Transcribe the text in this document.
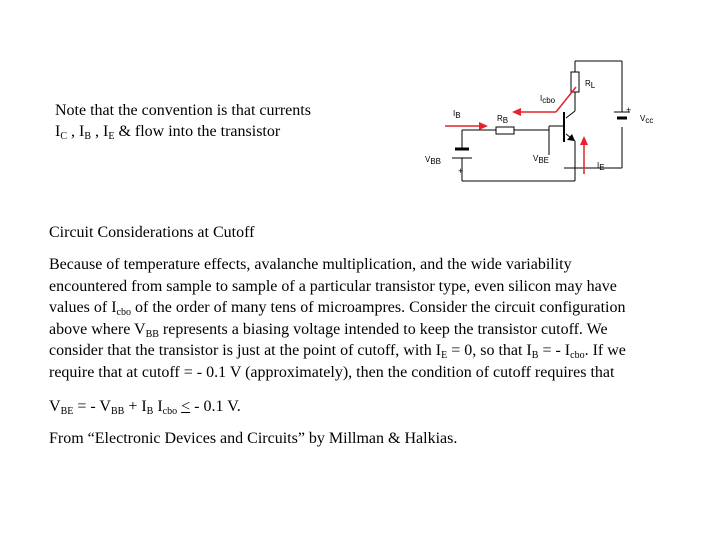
Note that the convention is that currents
$I_C$ , $I_B$ , $I_E$ & flow into the transistor
RL
Icbo
IB	RB	Vcc
+
VBB
+
VBE
IE
Circuit Considerations at Cutoff
Because of temperature effects, avalanche multiplication, and the wide variability
encountered from sample to sample of a particular transistor type, even silicon may have
values of $I_{cbo}$ of the order of many tens of microampres. Consider the circuit configuration
above where $V_{BB}$ represents a biasing voltage intended to keep the transistor cutoff. We
consider that the transistor is just at the point of cutoff, with $I_E = 0$, so that $I_B$ = - $I_{cbo}$. If we
require that at cutoff = - 0.1 V (approximately), then the condition of cutoff requires that
$V_{BE}$ = - $V_{BB} + I_B$ $I_{cbo}$ < - 0.1 V.
From “Electronic Devices and Circuits” by Millman & Halkias.
